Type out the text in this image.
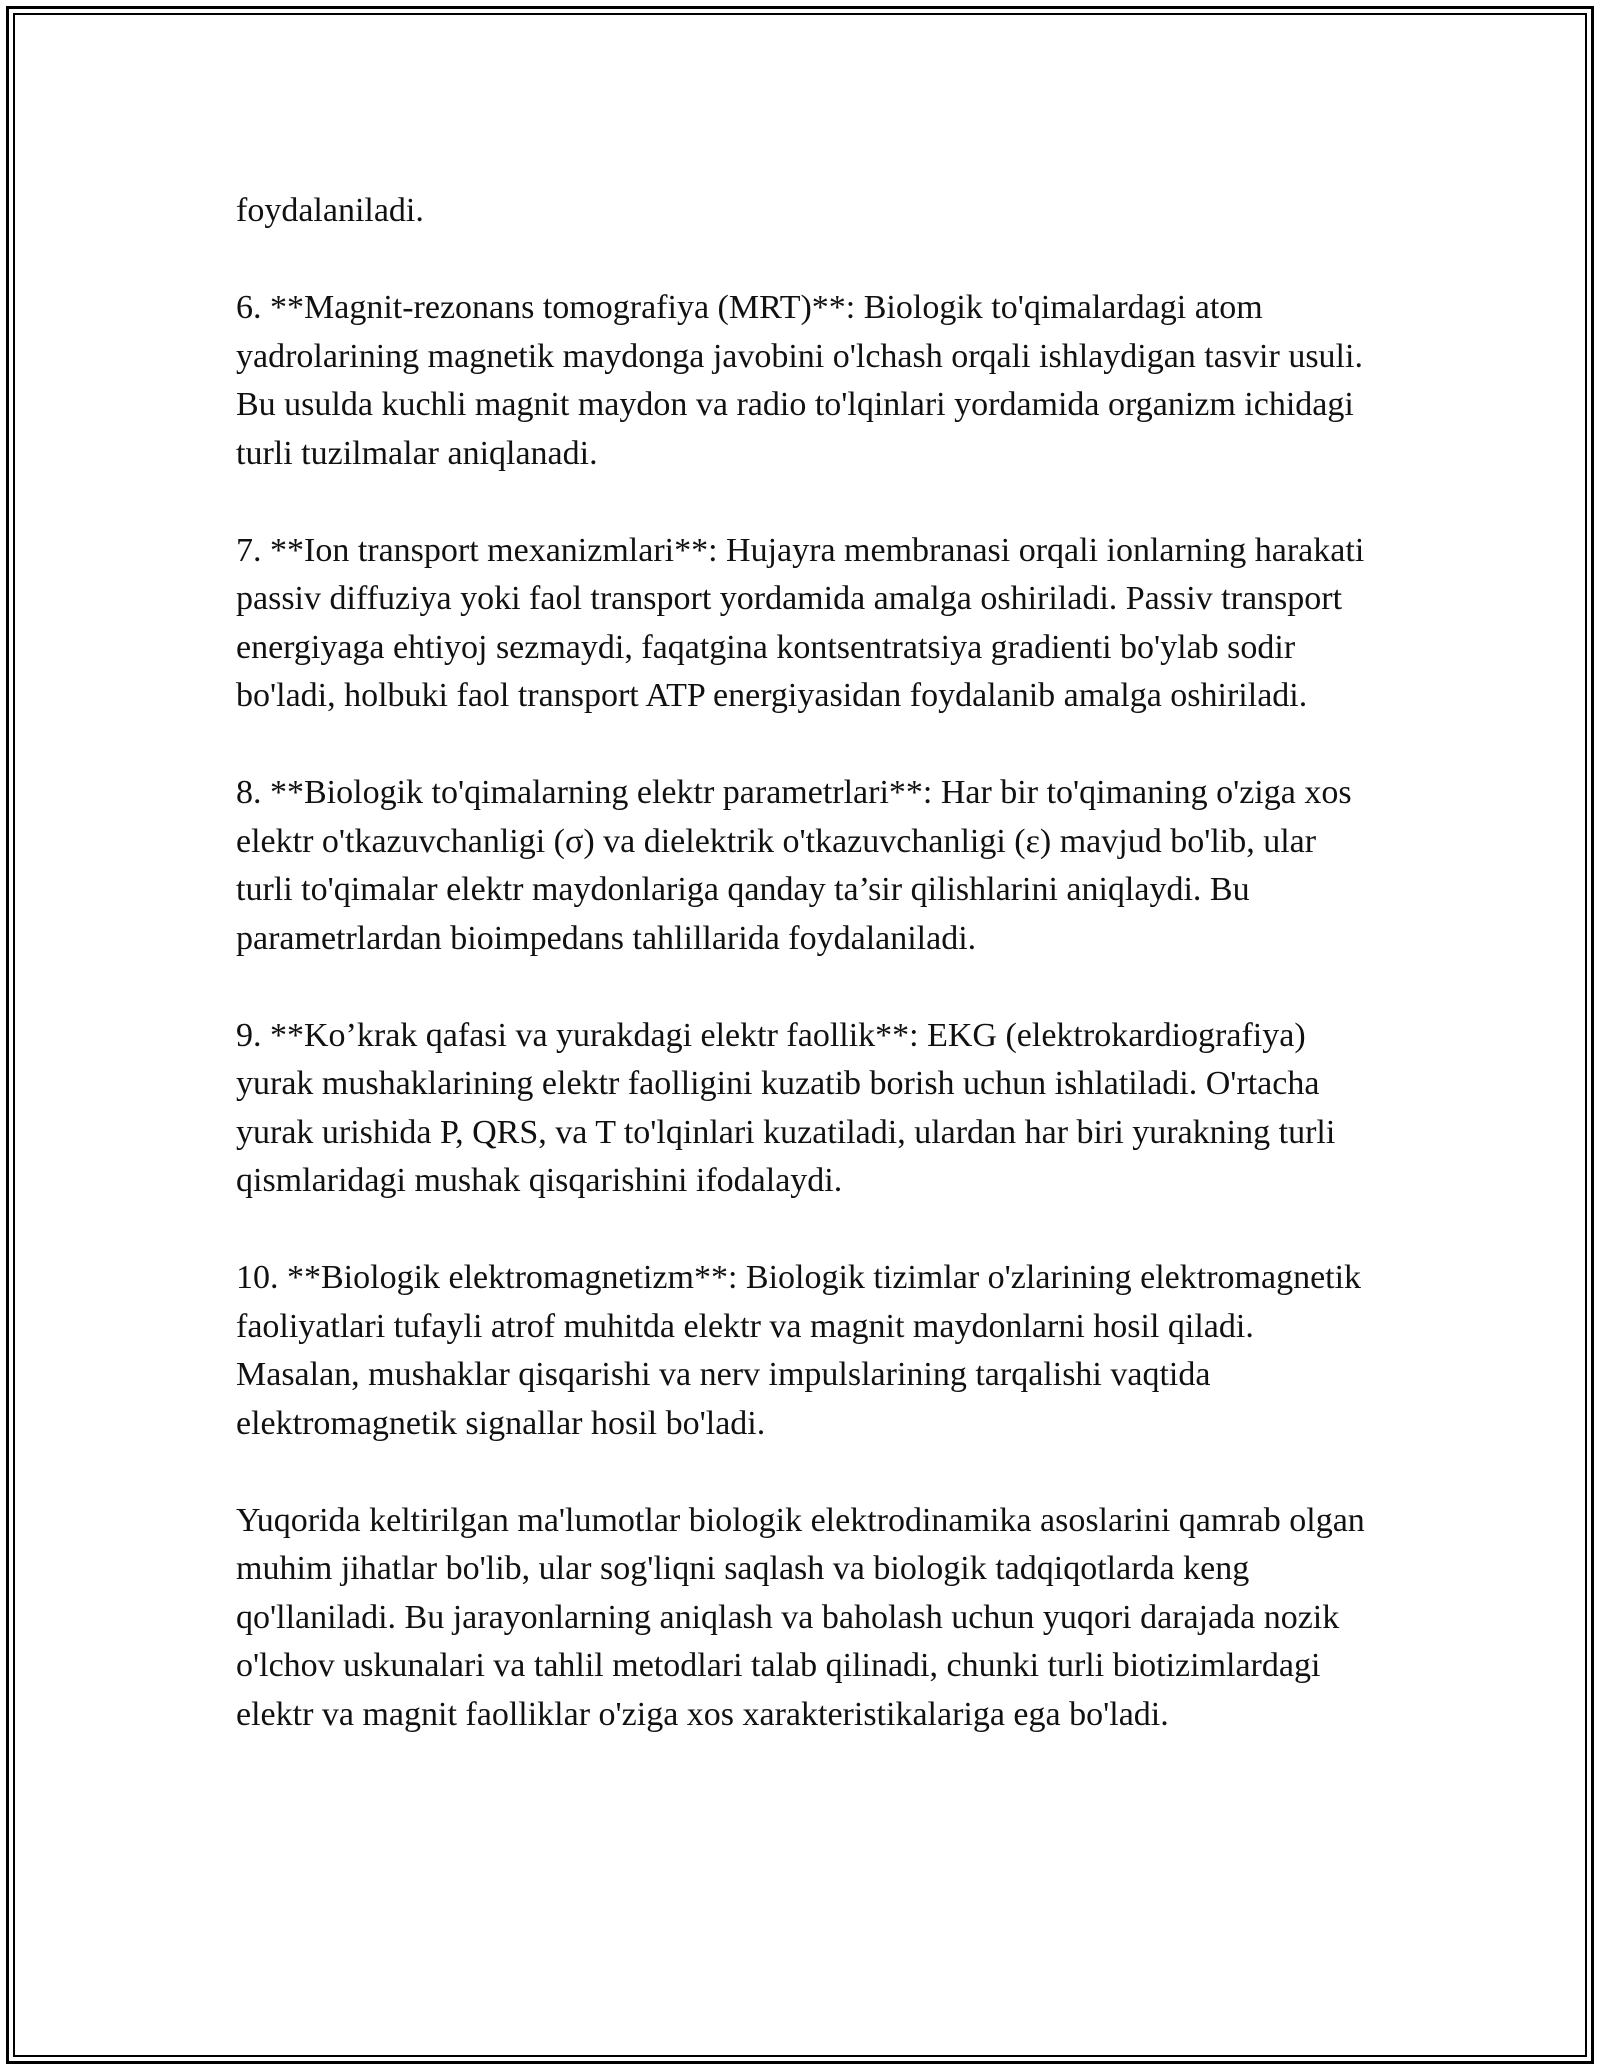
foydalaniladi.

6. **Magnit-rezonans tomografiya (MRT)**: Biologik to'qimalardagi atom yadrolarining magnetik maydonga javobini o'lchash orqali ishlaydigan tasvir usuli. Bu usulda kuchli magnit maydon va radio to'lqinlari yordamida organizm ichidagi turli tuzilmalar aniqlanadi.

7. **Ion transport mexanizmlari**: Hujayra membranasi orqali ionlarning harakati passiv diffuziya yoki faol transport yordamida amalga oshiriladi. Passiv transport energiyaga ehtiyoj sezmaydi, faqatgina kontsentratsiya gradienti bo'ylab sodir bo'ladi, holbuki faol transport ATP energiyasidan foydalanib amalga oshiriladi.

8. **Biologik to'qimalarning elektr parametrlari**: Har bir to'qimaning o'ziga xos elektr o'tkazuvchanligi (σ) va dielektrik o'tkazuvchanligi (ε) mavjud bo'lib, ular turli to'qimalar elektr maydonlariga qanday ta’sir qilishlarini aniqlaydi. Bu parametrlardan bioimpedans tahlillarida foydalaniladi.

9. **Ko’krak qafasi va yurakdagi elektr faollik**: EKG (elektrokardiografiya) yurak mushaklarining elektr faolligini kuzatib borish uchun ishlatiladi. O'rtacha yurak urishida P, QRS, va T to'lqinlari kuzatiladi, ulardan har biri yurakning turli qismlaridagi mushak qisqarishini ifodalaydi.

10. **Biologik elektromagnetizm**: Biologik tizimlar o'zlarining elektromagnetik faoliyatlari tufayli atrof muhitda elektr va magnit maydonlarni hosil qiladi. Masalan, mushaklar qisqarishi va nerv impulslarining tarqalishi vaqtida elektromagnetik signallar hosil bo'ladi.

Yuqorida keltirilgan ma'lumotlar biologik elektrodinamika asoslarini qamrab olgan muhim jihatlar bo'lib, ular sog'liqni saqlash va biologik tadqiqotlarda keng qo'llaniladi. Bu jarayonlarning aniqlash va baholash uchun yuqori darajada nozik o'lchov uskunalari va tahlil metodlari talab qilinadi, chunki turli biotizimlardagi elektr va magnit faolliklar o'ziga xos xarakteristikalariga ega bo'ladi.
